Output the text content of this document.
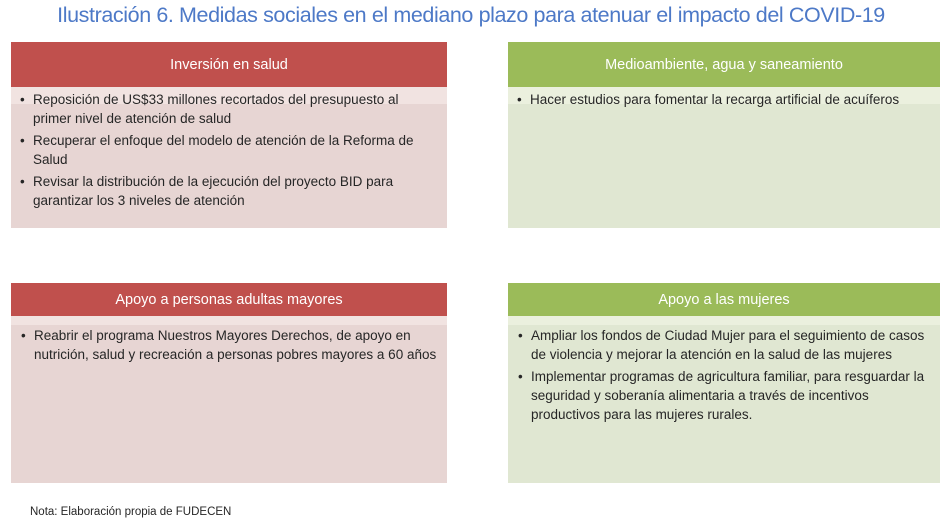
Ilustración 6. Medidas sociales en el mediano plazo para atenuar el impacto del COVID-19
Inversión en salud
• Reposición de US$33 millones recortados del presupuesto al primer nivel de atención de salud
• Recuperar el enfoque del modelo de atención de la Reforma de Salud
• Revisar la distribución de la ejecución del proyecto BID para garantizar los 3 niveles de atención
Medioambiente, agua y saneamiento
• Hacer estudios para fomentar la recarga artificial de acuíferos
Apoyo a personas adultas mayores
• Reabrir el programa Nuestros Mayores Derechos, de apoyo en nutrición, salud y recreación a personas pobres mayores a 60 años
Apoyo a las mujeres
• Ampliar los fondos de Ciudad Mujer para el seguimiento de casos de violencia y mejorar la atención en la salud de las mujeres
• Implementar programas de agricultura familiar, para resguardar la seguridad y soberanía alimentaria a través de incentivos productivos para las mujeres rurales.
Nota: Elaboración propia de FUDECEN
